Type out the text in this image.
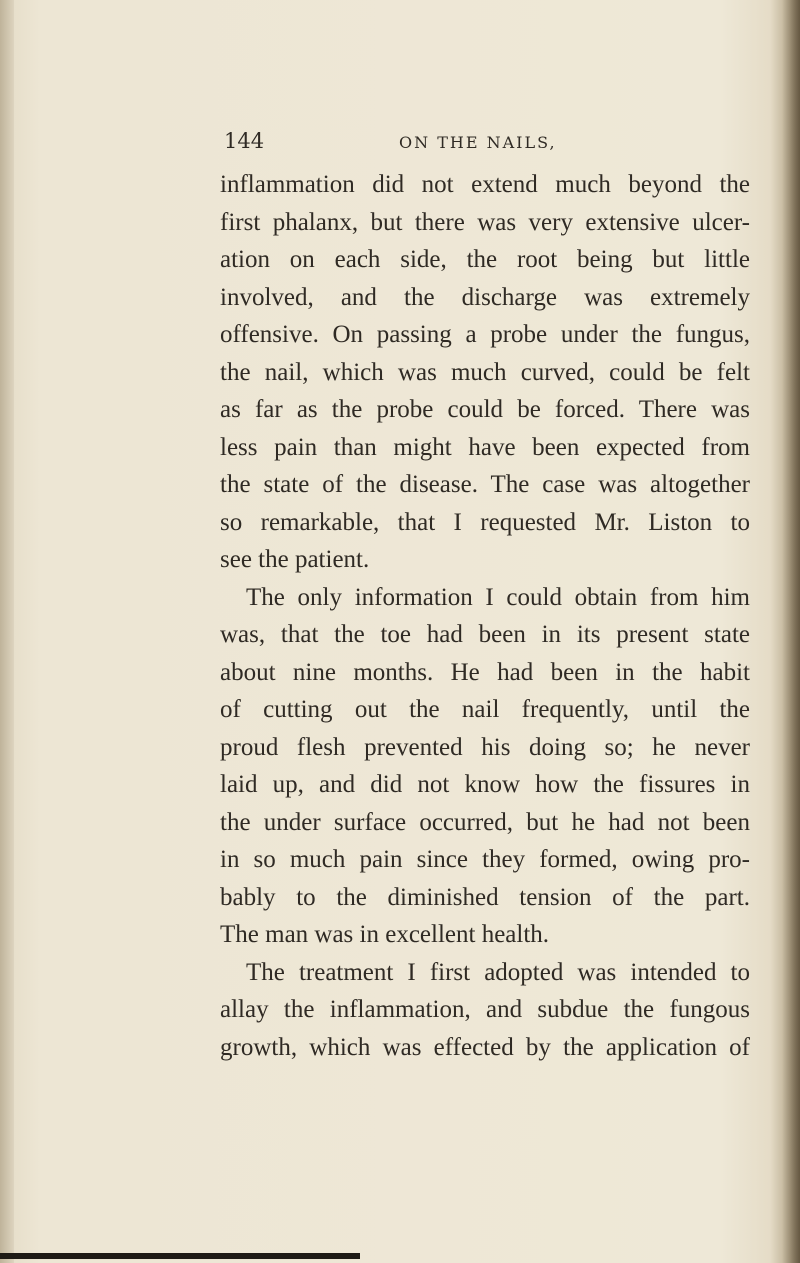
144	ON THE NAILS,
inflammation did not extend much beyond the
first phalanx, but there was very extensive ulcer-
ation on each side, the root being but little
involved, and the discharge was extremely
offensive. On passing a probe under the fungus,
the nail, which was much curved, could be felt
as far as the probe could be forced. There was
less pain than might have been expected from
the state of the disease. The case was altogether
so remarkable, that I requested Mr. Liston to
see the patient.
The only information I could obtain from him
was, that the toe had been in its present state
about nine months. He had been in the habit
of cutting out the nail frequently, until the
proud flesh prevented his doing so; he never
laid up, and did not know how the fissures in
the under surface occurred, but he had not been
in so much pain since they formed, owing pro-
bably to the diminished tension of the part.
The man was in excellent health.
The treatment I first adopted was intended to
allay the inflammation, and subdue the fungous
growth, which was effected by the application of
